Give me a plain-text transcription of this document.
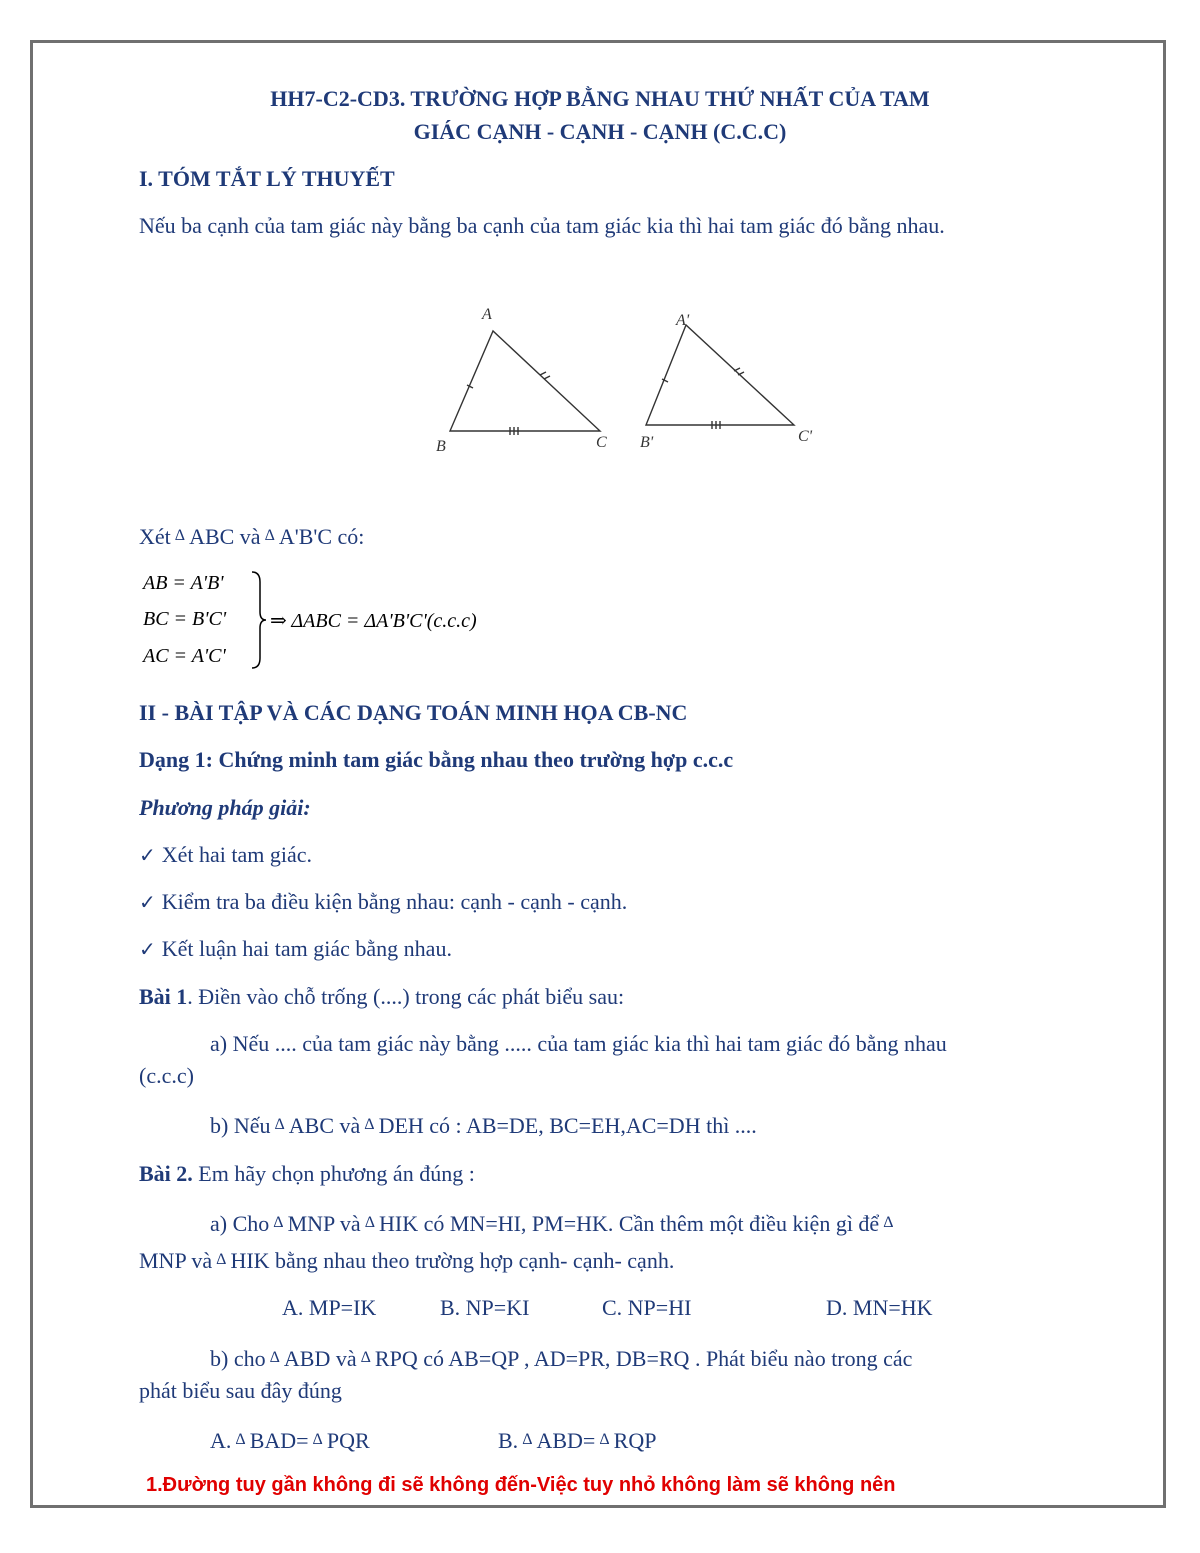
HH7-C2-CD3. TRƯỜNG HỢP BẰNG NHAU THỨ NHẤT CỦA TAM
GIÁC CẠNH - CẠNH - CẠNH (C.C.C)
I. TÓM TẮT LÝ THUYẾT
Nếu ba cạnh của tam giác này bằng ba cạnh của tam giác kia thì hai tam giác đó bằng nhau.
A
B	C
A'
B'	C'
Xét Δ ABC và Δ A'B'C có:
AB = A'B'
BC = B'C'
AC = A'C'
⇒ ΔABC = ΔA'B'C'(c.c.c)
II - BÀI TẬP VÀ CÁC DẠNG TOÁN MINH HỌA CB-NC
Dạng 1: Chứng minh tam giác bằng nhau theo trường hợp c.c.c
Phương pháp giải:
✓ Xét hai tam giác.
✓ Kiểm tra ba điều kiện bằng nhau: cạnh - cạnh - cạnh.
✓ Kết luận hai tam giác bằng nhau.
Bài 1. Điền vào chỗ trống (....) trong các phát biểu sau:
a) Nếu .... của tam giác này bằng ..... của tam giác kia thì hai tam giác đó bằng nhau
(c.c.c)
b) Nếu Δ ABC và Δ DEH có : AB=DE, BC=EH,AC=DH thì ....
Bài 2. Em hãy chọn phương án đúng :
a) Cho Δ MNP và Δ HIK có MN=HI, PM=HK. Cần thêm một điều kiện gì để Δ
MNP và Δ HIK bằng nhau theo trường hợp cạnh- cạnh- cạnh.
A. MP=IK	B. NP=KI	C. NP=HI	D. MN=HK
b) cho Δ ABD và Δ RPQ có AB=QP , AD=PR, DB=RQ . Phát biểu nào trong các
phát biểu sau đây đúng
A. Δ BAD= Δ PQR	B. Δ ABD= Δ RQP
1.Đường tuy gần không đi sẽ không đến-Việc tuy nhỏ không làm sẽ không nên
